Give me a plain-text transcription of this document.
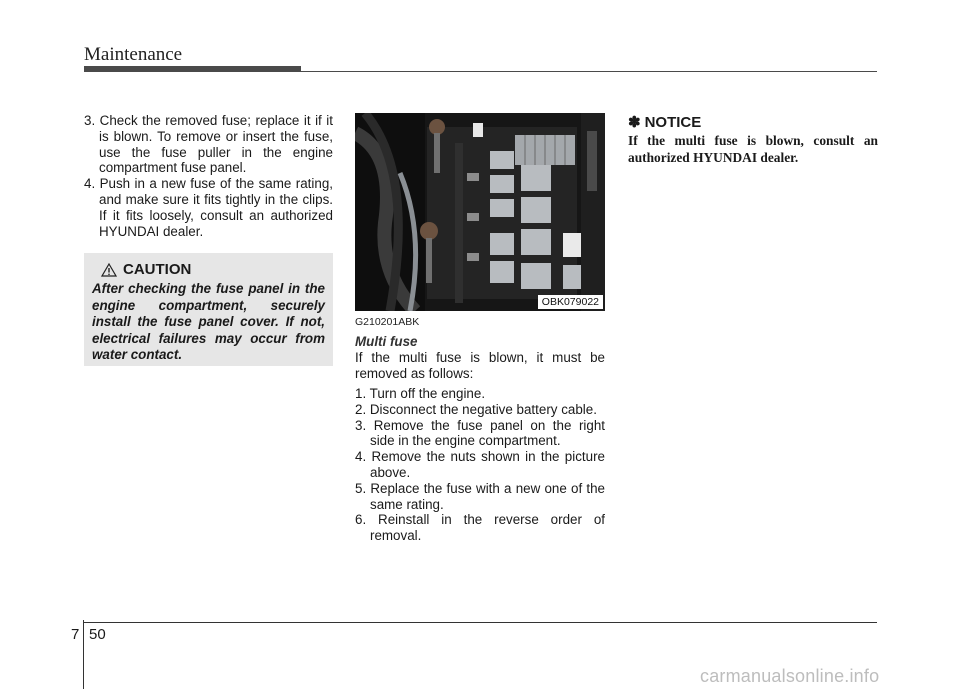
Maintenance

3. Check the removed fuse; replace it if it is blown. To remove or insert the fuse, use the fuse puller in the engine compartment fuse panel.

4. Push in a new fuse of the same rating, and make sure it fits tightly in the clips. If it fits loosely, consult an authorized HYUNDAI dealer.

CAUTION

After checking the fuse panel in the engine compartment, securely install the fuse panel cover. If not, electrical failures may occur from water contact.

OBK079022
G210201ABK
Multi fuse

If the multi fuse is blown, it must be removed as follows:

1. Turn off the engine.

2. Disconnect the negative battery cable.

3. Remove the fuse panel on the right side in the engine compartment.

4. Remove the nuts shown in the picture above.

5. Replace the fuse with a new one of the same rating.

6. Reinstall in the reverse order of removal.

✽ NOTICE

If the multi fuse is blown, consult an authorized HYUNDAI dealer.

7 50
carmanualsonline.info
